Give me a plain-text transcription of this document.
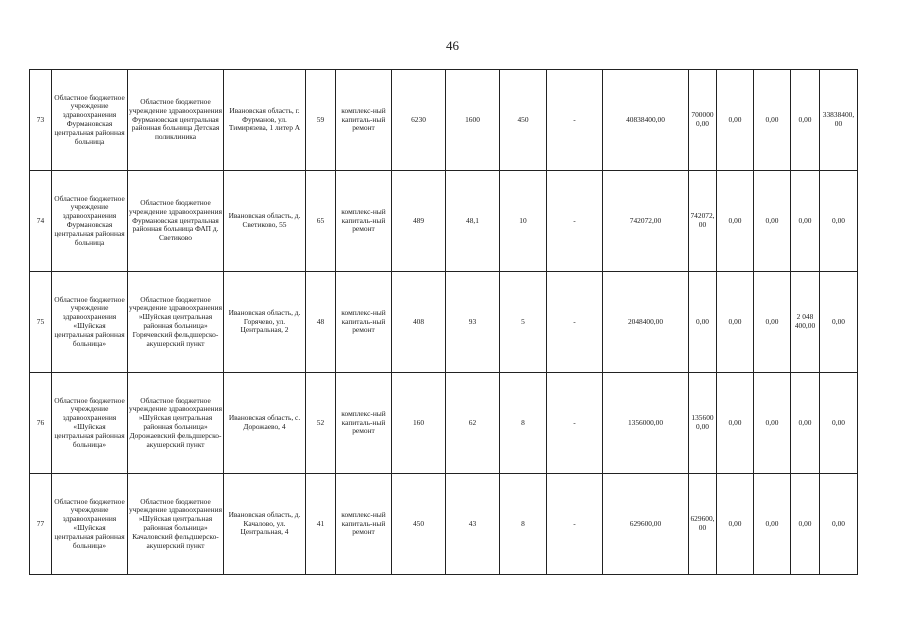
46
73	Областное бюджетное учреждение здравоохранения Фурмановская центральная районная больница	Областное бюджетное учреждение здравоохранения Фурмановская центральная районная больница Детская поликлиника	Ивановская область, г. Фурманов, ул. Тимирязева, 1 литер А	59	комплекс-ный капиталь-ный ремонт	6230	1600	450	-	40838400,00	7000000,00	0,00	0,00	0,00	33838400,00
74	Областное бюджетное учреждение здравоохранения Фурмановская центральная районная больница	Областное бюджетное учреждение здравоохранения Фурмановская центральная районная больница ФАП д. Светиково	Ивановская область, д. Светиково, 55	65	комплекс-ный капиталь-ный ремонт	489	48,1	10	-	742072,00	742072,00	0,00	0,00	0,00	0,00
75	Областное бюджетное учреждение здравоохранения «Шуйская центральная районная больница»	Областное бюджетное учреждение здравоохранения »Шуйская центральная районная больница» Горячевский фельдшерско-акушерский пункт	Ивановская область, д. Горячево, ул. Центральная, 2	48	комплекс-ный капиталь-ный ремонт	408	93	5	-	2048400,00	0,00	0,00	0,00	2 048 400,00	0,00
76	Областное бюджетное учреждение здравоохранения «Шуйская центральная районная больница»	Областное бюджетное учреждение здравоохранения »Шуйская центральная районная больница» Дорожаевский фельдшерско-акушерский пункт	Ивановская область, с. Дорожаево, 4	52	комплекс-ный капиталь-ный ремонт	160	62	8	-	1356000,00	1356000,00	0,00	0,00	0,00	0,00
77	Областное бюджетное учреждение здравоохранения «Шуйская центральная районная больница»	Областное бюджетное учреждение здравоохранения »Шуйская центральная районная больница» Качаловский фельдшерско-акушерский пункт	Ивановская область, д. Качалово, ул. Центральная, 4	41	комплекс-ный капиталь-ный ремонт	450	43	8	-	629600,00	629600,00	0,00	0,00	0,00	0,00
